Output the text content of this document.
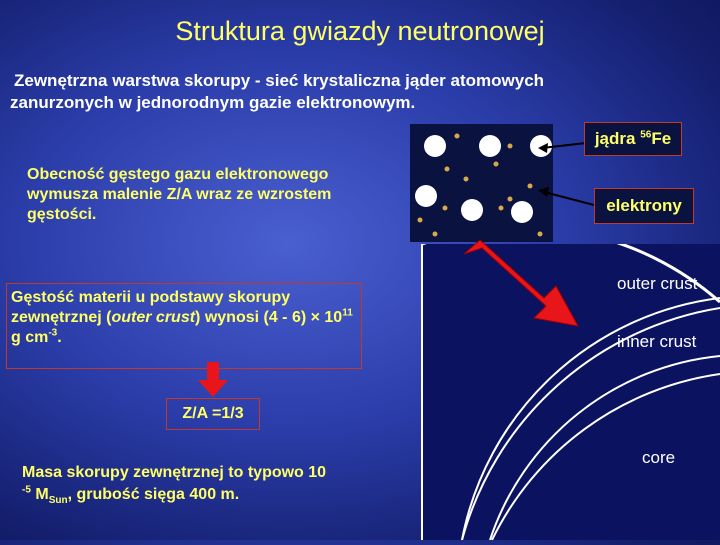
Struktura gwiazdy neutronowej
Zewnętrzna warstwa skorupy - sieć krystaliczna jąder atomowych
zanurzonych w jednorodnym gazie elektronowym.
Obecność gęstego gazu elektronowego wymusza malenie Z/A wraz ze wzrostem gęstości.
Gęstość materii u podstawy skorupy zewnętrznej (outer crust) wynosi $(4 - 6) \times 10^{11}$ g $cm^{-3}$.
Z/A =1/3
Masa skorupy zewnętrznej to typowo 10
$^{-5}$ $M_{Sun}$, grubość sięga 400 m.
jądra $^{56}$Fe
elektrony
outer crust
inner crust
core
